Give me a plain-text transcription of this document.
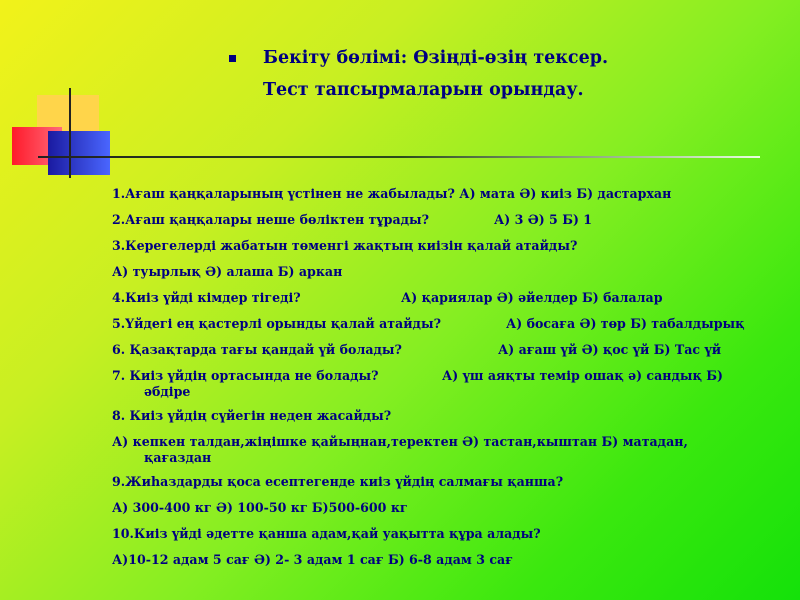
Бекіту бөлімі: Өзіңді-өзің тексер.
Тест тапсырмаларын орындау.
1.Ағаш қаңқаларының үстінен не жабылады? А) мата Ә) киіз Б) дастархан
2.Ағаш қаңқалары неше бөліктен тұрады?	А) 3 Ә) 5 Б) 1
3.Керегелерді жабатын төменгі жақтың киізін қалай атайды?
А) туырлық Ә) алаша Б) аркан
4.Киіз үйді кімдер тігеді?	А) қариялар Ә) әйелдер Б) балалар
5.Үйдегі ең қастерлі орынды қалай атайды?	А) босаға Ә) төр Б) табалдырық
6. Қазақтарда тағы қандай үй болады?	А) ағаш үй Ә) қос үй Б) Тас үй
7. Киіз үйдің ортасында не болады?	А) үш аяқты темір ошақ ә) сандық Б)
әбдіре
8. Киіз үйдің сүйегін неден жасайды?
А) кепкен талдан,жіңішке қайыңнан,теректен Ә) тастан,кыштан Б) матадан,
қағаздан
9.Жиһаздарды қоса есептегенде киіз үйдің салмағы қанша?
А) 300-400 кг Ә) 100-50 кг Б)500-600 кг
10.Киіз үйді әдетте қанша адам,қай уақытта құра алады?
А)10-12 адам 5 сағ Ә) 2- 3 адам 1 сағ Б) 6-8 адам 3 сағ
